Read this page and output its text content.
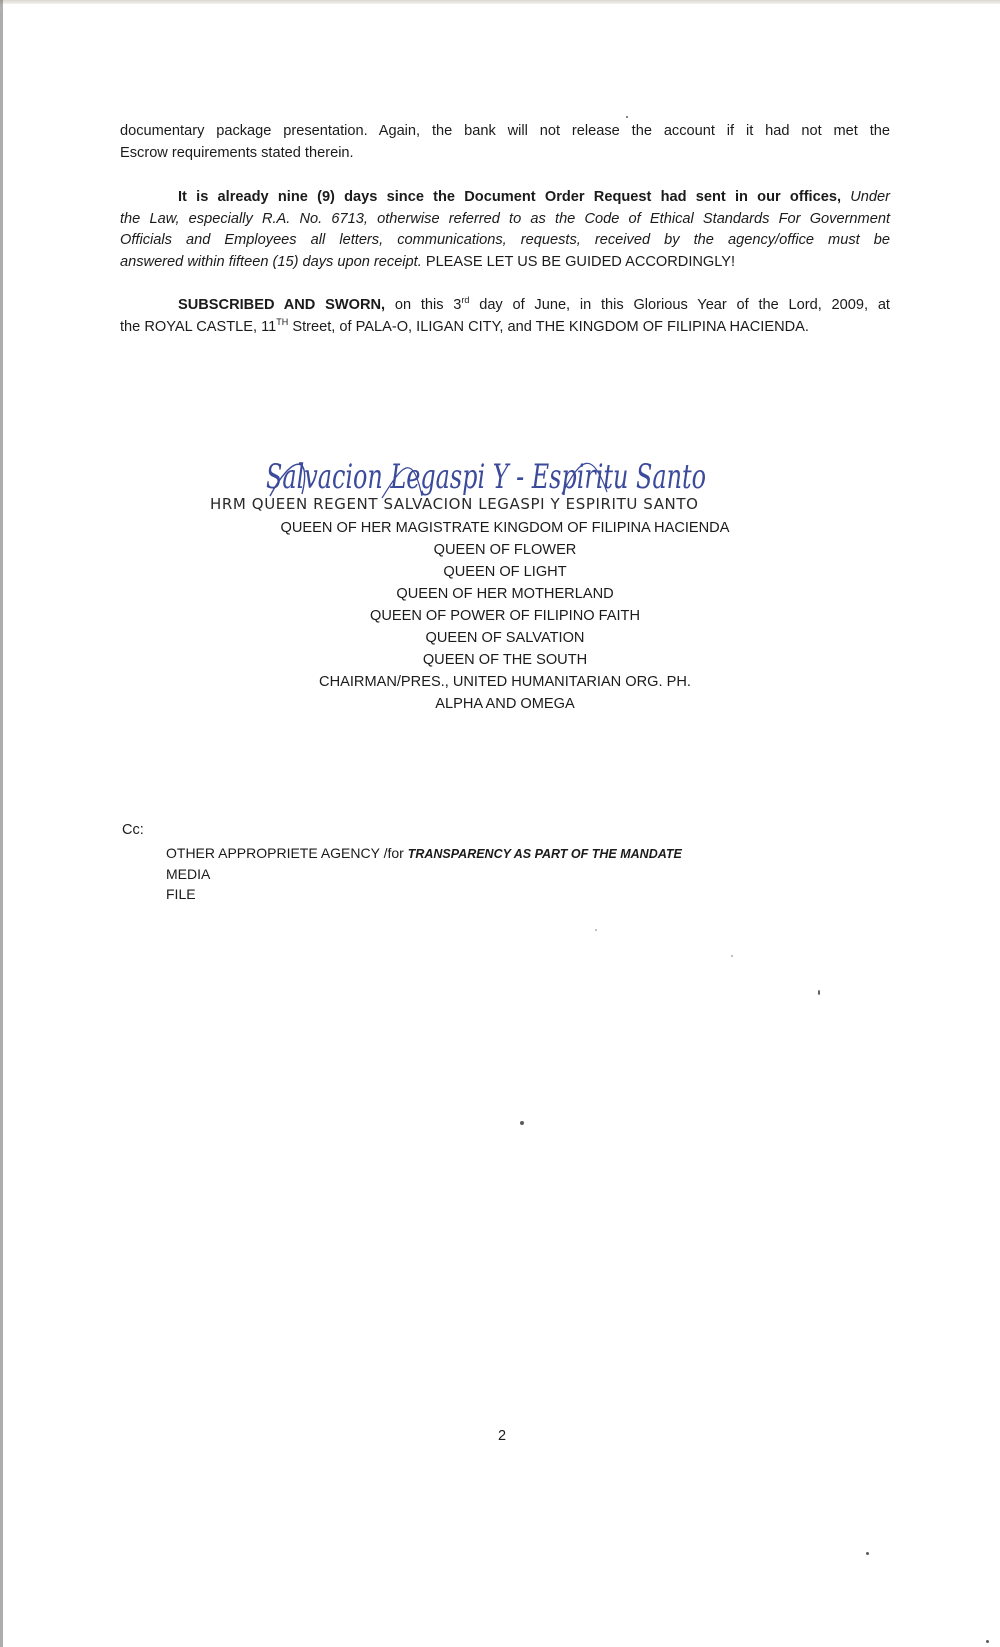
documentary package presentation. Again, the bank will not release the account if it had not met the
Escrow requirements stated therein.
It is already nine (9) days since the Document Order Request had sent in our offices, Under
the Law, especially R.A. No. 6713, otherwise referred to as the Code of Ethical Standards For Government
Officials and Employees all letters, communications, requests, received by the agency/office must be
answered within fifteen (15) days upon receipt. PLEASE LET US BE GUIDED ACCORDINGLY!
SUBSCRIBED AND SWORN, on this 3rd day of June, in this Glorious Year of the Lord, 2009, at
the ROYAL CASTLE, 11TH Street, of PALA-O, ILIGAN CITY, and THE KINGDOM OF FILIPINA HACIENDA.
Salvacion Legaspi Y - Espiritu Santo
HRM QUEEN REGENT SALVACION LEGASPI Y ESPIRITU SANTO
QUEEN OF HER MAGISTRATE KINGDOM OF FILIPINA HACIENDA
QUEEN OF FLOWER
QUEEN OF LIGHT
QUEEN OF HER MOTHERLAND
QUEEN OF POWER OF FILIPINO FAITH
QUEEN OF SALVATION
QUEEN OF THE SOUTH
CHAIRMAN/PRES., UNITED HUMANITARIAN ORG. PH.
ALPHA AND OMEGA
Cc:
OTHER APPROPRIETE AGENCY /for TRANSPARENCY AS PART OF THE MANDATE
MEDIA
FILE
2
